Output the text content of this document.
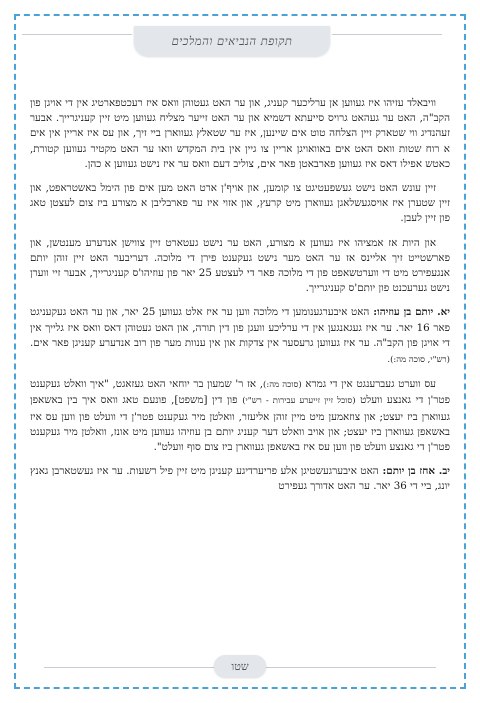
תקופת הנביאים והמלכים

וויבאלד עזיהו איז געווען אן ערליכער קעניג, און ער האט געטוהן וואס איז רעכטפארטיג אין די אויגן פון הקב"ה, האט ער געהאט גרויס סייעתא דשמיא און ער האט זייער מצליח געווען מיט זיין קעניגרייך. אבער זעהנדיג ווי שטארק זיין הצלחה טוט אים שיינען, איז ער שטאלץ געווארן ביי זיך, און עס איז אריין אין אים א רוח שטות וואס האט אים באוואויגן אריין צו גיין אין בית המקדש וואו ער האט מקטיר געווען קטורת, כאטש אפילו דאס איז געווען פארבאטן פאר אים, צוליב דעם וואס ער איז נישט געווען א כהן.

זיין עונש האט נישט געשפעטיגט צו קומען, און אויף'ן ארט האט מען אים פון הימל באשטראפט, און זיין שטערן איז אויסגעשלאגן געווארן מיט קרעץ, און אזוי איז ער פארבליבן א מצורע ביז צום לעצטן טאג פון זיין לעבן.

און היות אז אמציהו איז געווען א מצורע, האט ער נישט געטארט זיין צווישן אנדערע מענטשן, און פארשטייט זיך אליינס אז ער האט מער נישט געקענט פירן די מלוכה. דעריבער האט זיין זוהן יותם אנגעפירט מיט די ווערטשאפט פון די מלוכה פאר די לעצטע 25 יאר פון עוזיהו'ס קעניגרייך, אבער זיי ווערן נישט גערעכנט פון יותם'ס קעניגרייך.

יא. יותם בן עוזיהו: האט איבערגענומען די מלוכה ווען ער איז אלט געווען 25 יאר, און ער האט געקעניגט פאר 16 יאר. ער איז געגאנגען אין די ערליכע וועגן פון דין תורה, און האט געטוהן דאס וואס איז גלייך אין די אויגן פון הקב"ה. ער איז געווען גרעסער אין צדקות און אין ענוות מער פון רוב אנדערע קעניגן פאר אים. (רש"י, סוכה מה:).

עס ווערט געברענגט אין די גמרא (סוכה מה:), אז ר' שמעון בר יוחאי האט געזאגט, "איך וואלט געקענט פטר'ן די גאנצע וועלט (סוכל זיין זייערע עבירות - רש"י) פון דין [משפט], פונעם טאג וואס איך בין באשאפן געווארן ביז יעצט; און צוזאמען מיט מיין זוהן אליעזר, וואלטן מיר געקענט פטר'ן די וועלט פון ווען עס איז באשאפן געווארן ביז יעצט; און אויב וואלט דער קעניג יותם בן עוזיהו געווען מיט אונז, וואלטן מיר געקענט פטר'ן די גאנצע וועלט פון ווען עס איז באשאפן געווארן ביז צום סוף וועלט".

יב. אחז בן יותם: האט איבערגעשטיגן אלע פריערדיגע קעניגן מיט זיין פיל רשעות. ער איז געשטארבן גאנץ יונג, ביי די 36 יאר. ער האט אדורך געפירט

שטו
